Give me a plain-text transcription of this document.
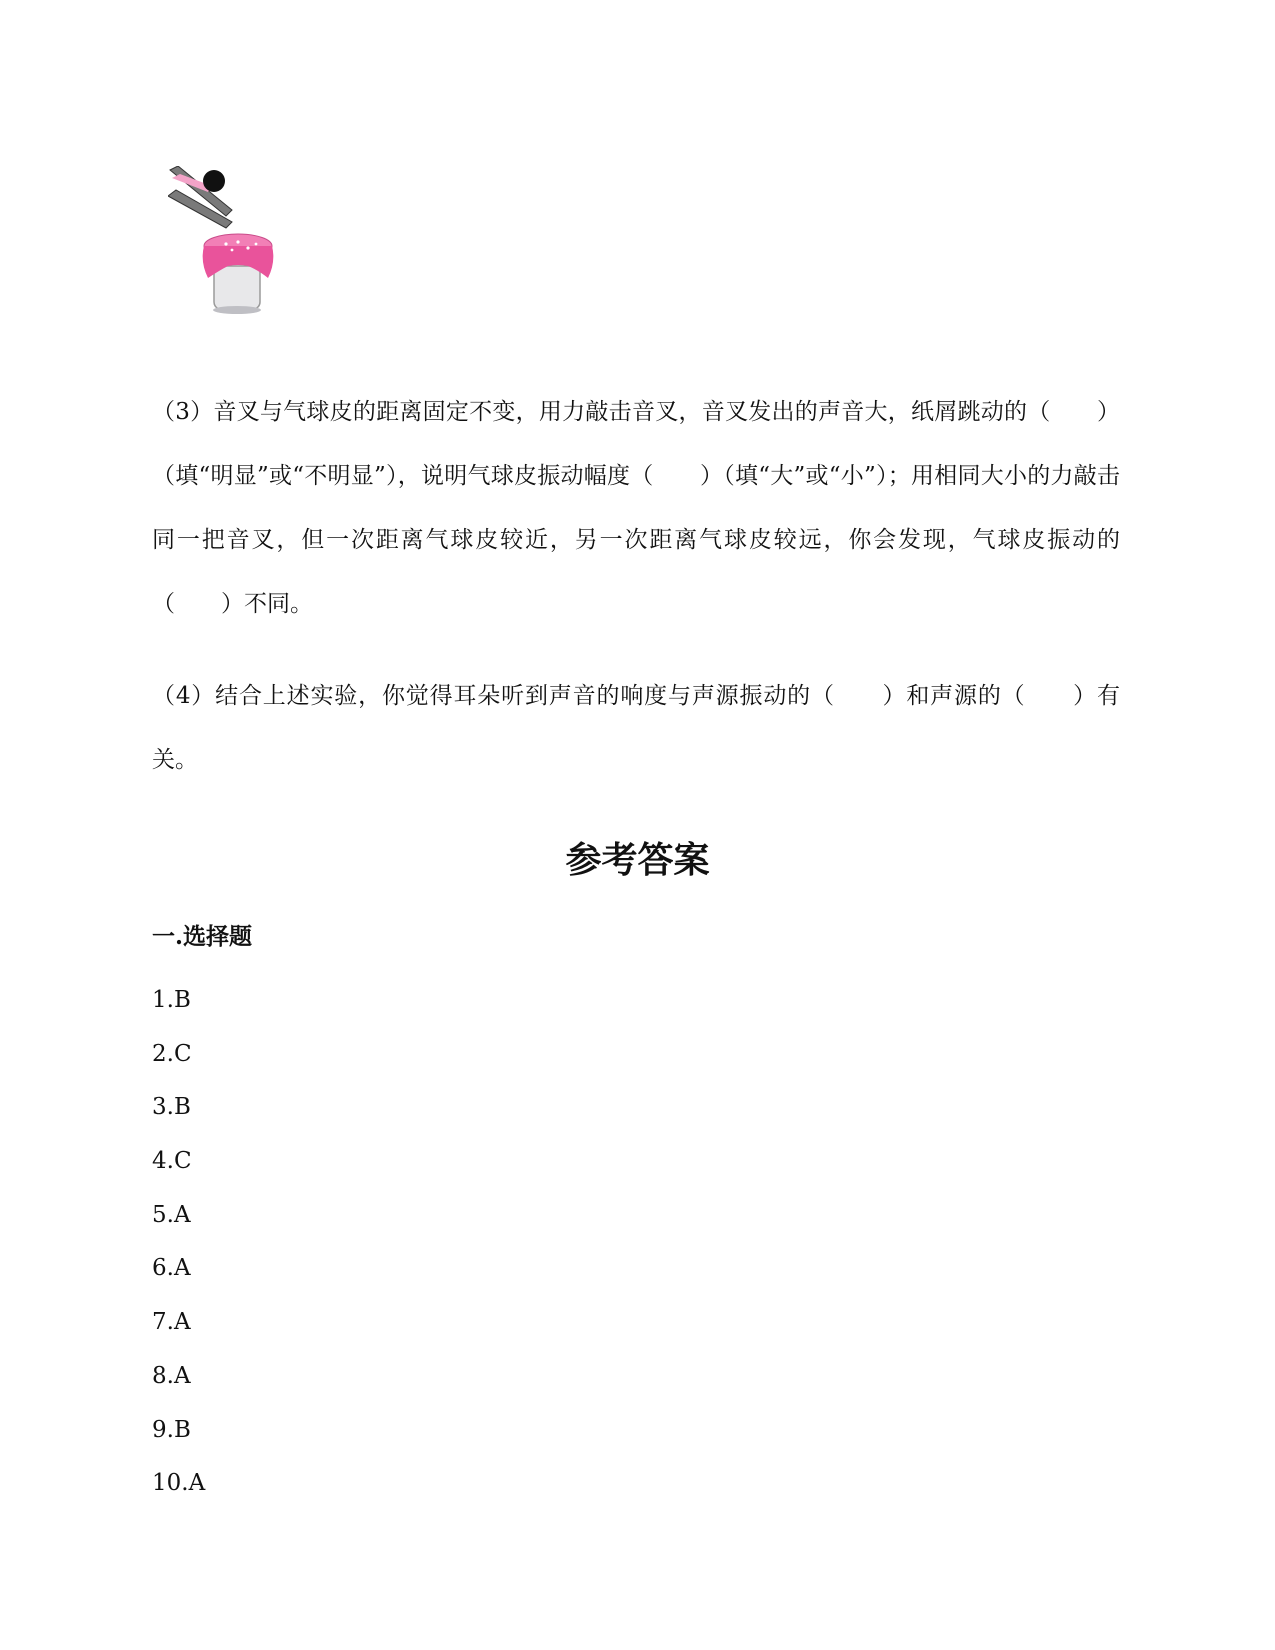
（3）音叉与气球皮的距离固定不变，用力敲击音叉，音叉发出的声音大，纸屑跳动的（　　）（填“明显”或“不明显”），说明气球皮振动幅度（　　）（填“大”或“小”）；用相同大小的力敲击同一把音叉，但一次距离气球皮较近，另一次距离气球皮较远，你会发现，气球皮振动的（　　）不同。

（4）结合上述实验，你觉得耳朵听到声音的响度与声源振动的（　　）和声源的（　　）有关。

参考答案
一.选择题
1.B
2.C
3.B
4.C
5.A
6.A
7.A
8.A
9.B
10.A
